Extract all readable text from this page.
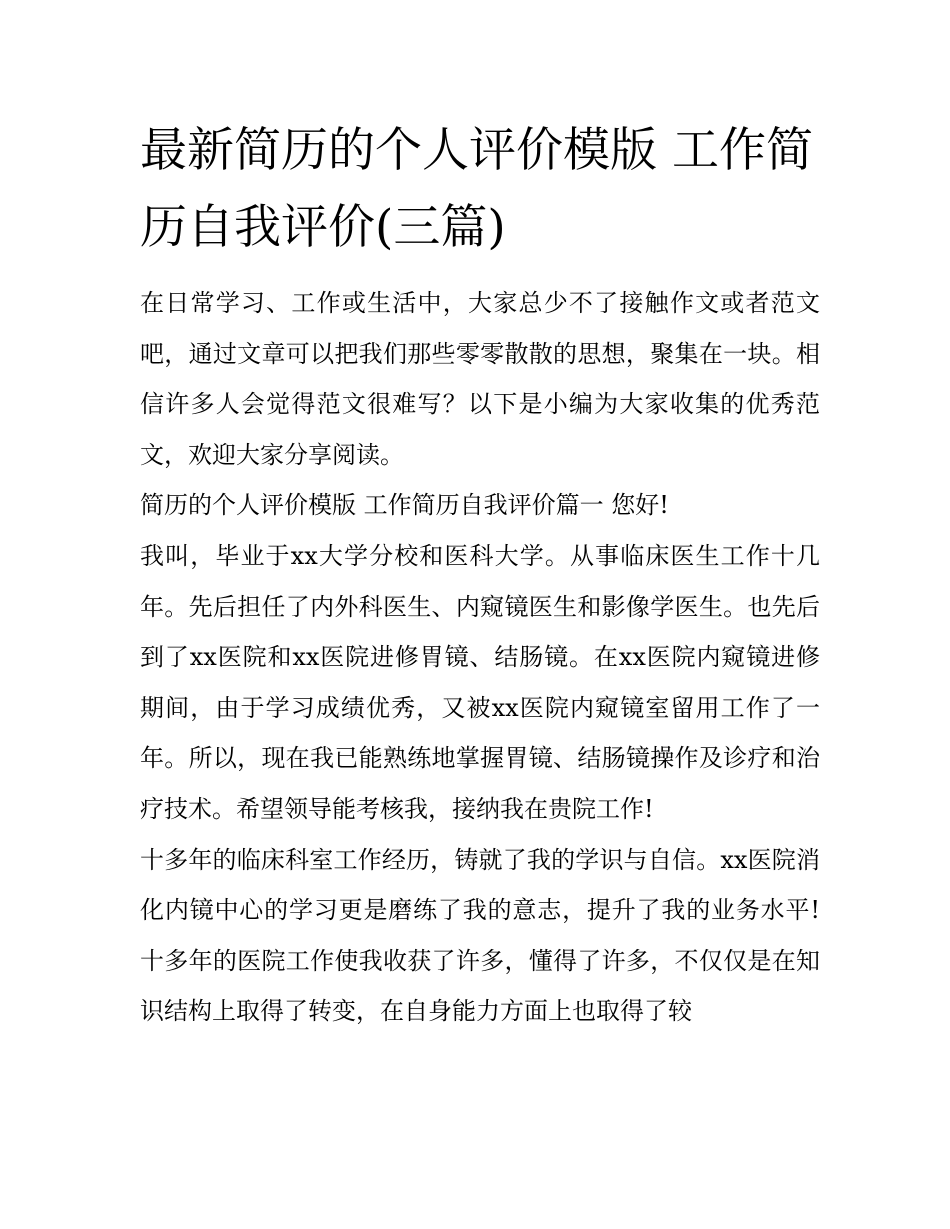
最新简历的个人评价模版 工作简历自我评价(三篇)

在日常学习、工作或生活中，大家总少不了接触作文或者范文吧，通过文章可以把我们那些零零散散的思想，聚集在一块。相信许多人会觉得范文很难写？以下是小编为大家收集的优秀范文，欢迎大家分享阅读。

简历的个人评价模版 工作简历自我评价篇一 您好!

我叫，毕业于xx大学分校和医科大学。从事临床医生工作十几年。先后担任了内外科医生、内窥镜医生和影像学医生。也先后到了xx医院和xx医院进修胃镜、结肠镜。在xx医院内窥镜进修期间，由于学习成绩优秀，又被xx医院内窥镜室留用工作了一年。所以，现在我已能熟练地掌握胃镜、结肠镜操作及诊疗和治疗技术。希望领导能考核我，接纳我在贵院工作!

十多年的临床科室工作经历，铸就了我的学识与自信。xx医院消化内镜中心的学习更是磨练了我的意志，提升了我的业务水平!十多年的医院工作使我收获了许多，懂得了许多，不仅仅是在知识结构上取得了转变，在自身能力方面上也取得了较
